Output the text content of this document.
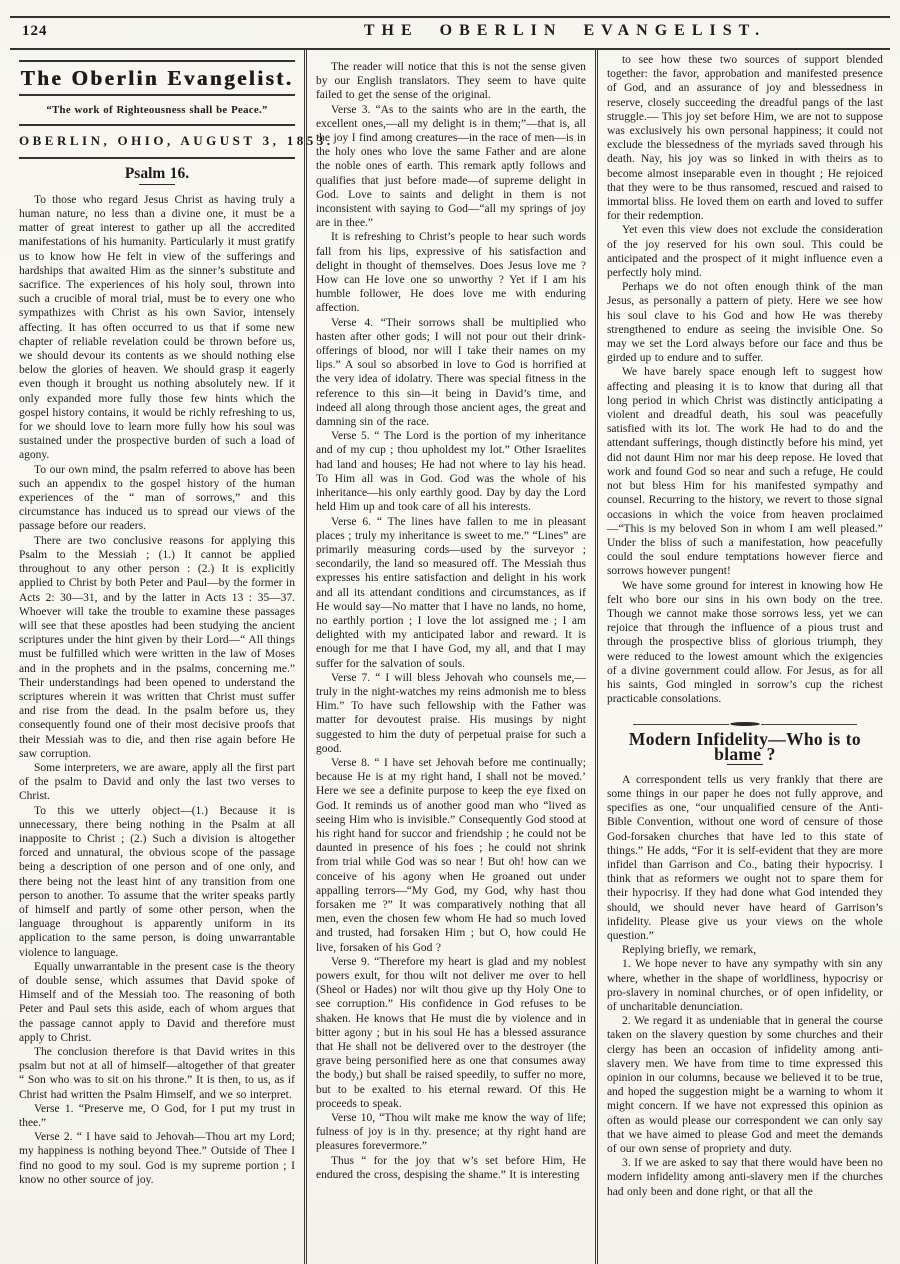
124	THE OBERLIN EVANGELIST.
The Oberlin Evangelist.
“The work of Righteousness shall be Peace.”
OBERLIN, OHIO, AUGUST 3, 1853.
Psalm 16.

To those who regard Jesus Christ as having truly a human nature, no less than a divine one, it must be a matter of great interest to gather up all the accredited manifestations of his humanity. Particularly it must gratify us to know how He felt in view of the sufferings and hardships that awaited Him as the sinner’s substitute and sacrifice. The experiences of his holy soul, thrown into such a crucible of moral trial, must be to every one who sympathizes with Christ as his own Savior, intensely affecting. It has often occurred to us that if some new chapter of reliable revelation could be thrown before us, we should devour its contents as we should nothing else below the glories of heaven. We should grasp it eagerly even though it brought us nothing absolutely new. If it only expanded more fully those few hints which the gospel history contains, it would be richly refreshing to us, for we should love to learn more fully how his soul was sustained under the prospective burden of such a load of agony.

To our own mind, the psalm referred to above has been such an appendix to the gospel history of the human experiences of the “ man of sorrows,” and this circumstance has induced us to spread our views of the passage before our readers.

There are two conclusive reasons for applying this Psalm to the Messiah ; (1.) It cannot be applied throughout to any other person : (2.) It is explicitly applied to Christ by both Peter and Paul—by the former in Acts 2: 30—31, and by the latter in Acts 13 : 35—37. Whoever will take the trouble to examine these passages will see that these apostles had been studying the ancient scriptures under the hint given by their Lord—“ All things must be fulfilled which were written in the law of Moses and in the prophets and in the psalms, concerning me.” Their understandings had been opened to understand the scriptures wherein it was written that Christ must suffer and rise from the dead. In the psalm before us, they consequently found one of their most decisive proofs that their Messiah was to die, and then rise again before He saw corruption.

Some interpreters, we are aware, apply all the first part of the psalm to David and only the last two verses to Christ.

To this we utterly object—(1.) Because it is unnecessary, there being nothing in the Psalm at all inapposite to Christ ; (2.) Such a division is altogether forced and unnatural, the obvious scope of the passage being a description of one person and of one only, and there being not the least hint of any transition from one person to another. To assume that the writer speaks partly of himself and partly of some other person, when the language throughout is apparently uniform in its application to the same person, is doing unwarrantable violence to language.

Equally unwarrantable in the present case is the theory of double sense, which assumes that David spoke of Himself and of the Messiah too. The reasoning of both Peter and Paul sets this aside, each of whom argues that the passage cannot apply to David and therefore must apply to Christ.

The conclusion therefore is that David writes in this psalm but not at all of himself—altogether of that greater “ Son who was to sit on his throne.” It is then, to us, as if Christ had written the Psalm Himself, and we so interpret.

Verse 1. “Preserve me, O God, for I put my trust in thee.”

Verse 2. “ I have said to Jehovah—Thou art my Lord; my happiness is nothing beyond Thee.” Outside of Thee I find no good to my soul. God is my supreme portion ; I know no other source of joy.

The reader will notice that this is not the sense given by our English translators. They seem to have quite failed to get the sense of the original.

Verse 3. “As to the saints who are in the earth, the excellent ones,—all my delight is in them;”—that is, all the joy I find among creatures—in the race of men—is in the holy ones who love the same Father and are alone the noble ones of earth. This remark aptly follows and qualifies that just before made—of supreme delight in God. Love to saints and delight in them is not inconsistent with saying to God—“all my springs of joy are in thee.”

It is refreshing to Christ’s people to hear such words fall from his lips, expressive of his satisfaction and delight in thought of themselves. Does Jesus love me ? How can He love one so unworthy ? Yet if I am his humble follower, He does love me with enduring affection.

Verse 4. “Their sorrows shall be multiplied who hasten after other gods; I will not pour out their drink-offerings of blood, nor will I take their names on my lips.” A soul so absorbed in love to God is horrified at the very idea of idolatry. There was special fitness in the reference to this sin—it being in David’s time, and indeed all along through those ancient ages, the great and damning sin of the race.

Verse 5. “ The Lord is the portion of my inheritance and of my cup ; thou upholdest my lot.” Other Israelites had land and houses; He had not where to lay his head. To Him all was in God. God was the whole of his inheritance—his only earthly good. Day by day the Lord held Him up and took care of all his interests.

Verse 6. “ The lines have fallen to me in pleasant places ; truly my inheritance is sweet to me.” “Lines” are primarily measuring cords—used by the surveyor ; secondarily, the land so measured off. The Messiah thus expresses his entire satisfaction and delight in his work and all its attendant conditions and circumstances, as if He would say—No matter that I have no lands, no home, no earthly portion ; I love the lot assigned me ; I am delighted with my anticipated labor and reward. It is enough for me that I have God, my all, and that I may suffer for the salvation of souls.

Verse 7. “ I will bless Jehovah who counsels me,—truly in the night-watches my reins admonish me to bless Him.” To have such fellowship with the Father was matter for devoutest praise. His musings by night suggested to him the duty of perpetual praise for such a good.

Verse 8. “ I have set Jehovah before me continually; because He is at my right hand, I shall not be moved.’ Here we see a definite purpose to keep the eye fixed on God. It reminds us of another good man who “lived as seeing Him who is invisible.” Consequently God stood at his right hand for succor and friendship ; he could not be daunted in presence of his foes ; he could not shrink from trial while God was so near ! But oh! how can we conceive of his agony when He groaned out under appalling terrors—“My God, my God, why hast thou forsaken me ?” It was comparatively nothing that all men, even the chosen few whom He had so much loved and trusted, had forsaken Him ; but O, how could He live, forsaken of his God ?

Verse 9. “Therefore my heart is glad and my noblest powers exult, for thou wilt not deliver me over to hell (Sheol or Hades) nor wilt thou give up thy Holy One to see corruption.” His confidence in God refuses to be shaken. He knows that He must die by violence and in bitter agony ; but in his soul He has a blessed assurance that He shall not be delivered over to the destroyer (the grave being personified here as one that consumes away the body,) but shall be raised speedily, to suffer no more, but to be exalted to his eternal reward. Of this He proceeds to speak.

Verse 10, “Thou wilt make me know the way of life; fulness of joy is in thy. presence; at thy right hand are pleasures forevermore.”

Thus “ for the joy that w’s set before Him, He endured the cross, despising the shame.” It is interesting

to see how these two sources of support blended together: the favor, approbation and manifested presence of God, and an assurance of joy and blessedness in reserve, closely succeeding the dreadful pangs of the last struggle.— This joy set before Him, we are not to suppose was exclusively his own personal happiness; it could not exclude the blessedness of the myriads saved through his death. Nay, his joy was so linked in with theirs as to become almost inseparable even in thought ; He rejoiced that they were to be thus ransomed, rescued and raised to immortal bliss. He loved them on earth and loved to suffer for their redemption.

Yet even this view does not exclude the consideration of the joy reserved for his own soul. This could be anticipated and the prospect of it might influence even a perfectly holy mind.

Perhaps we do not often enough think of the man Jesus, as personally a pattern of piety. Here we see how his soul clave to his God and how He was thereby strengthened to endure as seeing the invisible One. So may we set the Lord always before our face and thus be girded up to endure and to suffer.

We have barely space enough left to suggest how affecting and pleasing it is to know that during all that long period in which Christ was distinctly anticipating a violent and dreadful death, his soul was peacefully satisfied with its lot. The work He had to do and the attendant sufferings, though distinctly before his mind, yet did not daunt Him nor mar his deep repose. He loved that work and found God so near and such a refuge, He could not but bless Him for his manifested sympathy and counsel. Recurring to the history, we revert to those signal occasions in which the voice from heaven proclaimed—“This is my beloved Son in whom I am well pleased.” Under the bliss of such a manifestation, how peacefully could the soul endure temptations however fierce and sorrows however pungent!

We have some ground for interest in knowing how He felt who bore our sins in his own body on the tree. Though we cannot make those sorrows less, yet we can rejoice that through the influence of a pious trust and through the prospective bliss of glorious triumph, they were reduced to the lowest amount which the exigencies of a divine government could allow. For Jesus, as for all his saints, God mingled in sorrow’s cup the richest practicable consolations.

Modern Infidelity—Who is to blame ?

A correspondent tells us very frankly that there are some things in our paper he does not fully approve, and specifies as one, “our unqualified censure of the Anti-Bible Convention, without one word of censure of those God-forsaken churches that have led to this state of things.” He adds, “For it is self-evident that they are more infidel than Garrison and Co., bating their hypocrisy. I think that as reformers we ought not to spare them for their hypocrisy. If they had done what God intended they should, we should never have heard of Garrison’s infidelity. Please give us your views on the whole question.”

Replying briefly, we remark,

1. We hope never to have any sympathy with sin any where, whether in the shape of worldliness, hypocrisy or pro-slavery in nominal churches, or of open infidelity, or of uncharitable denunciation.

2. We regard it as undeniable that in general the course taken on the slavery question by some churches and their clergy has been an occasion of infidelity among anti-slavery men. We have from time to time expressed this opinion in our columns, because we believed it to be true, and hoped the suggestion might be a warning to whom it might concern. If we have not expressed this opinion as often as would please our correspondent we can only say that we have aimed to please God and meet the demands of our own sense of propriety and duty.

3. If we are asked to say that there would have been no modern infidelity among anti-slavery men if the churches had only been and done right, or that all the
